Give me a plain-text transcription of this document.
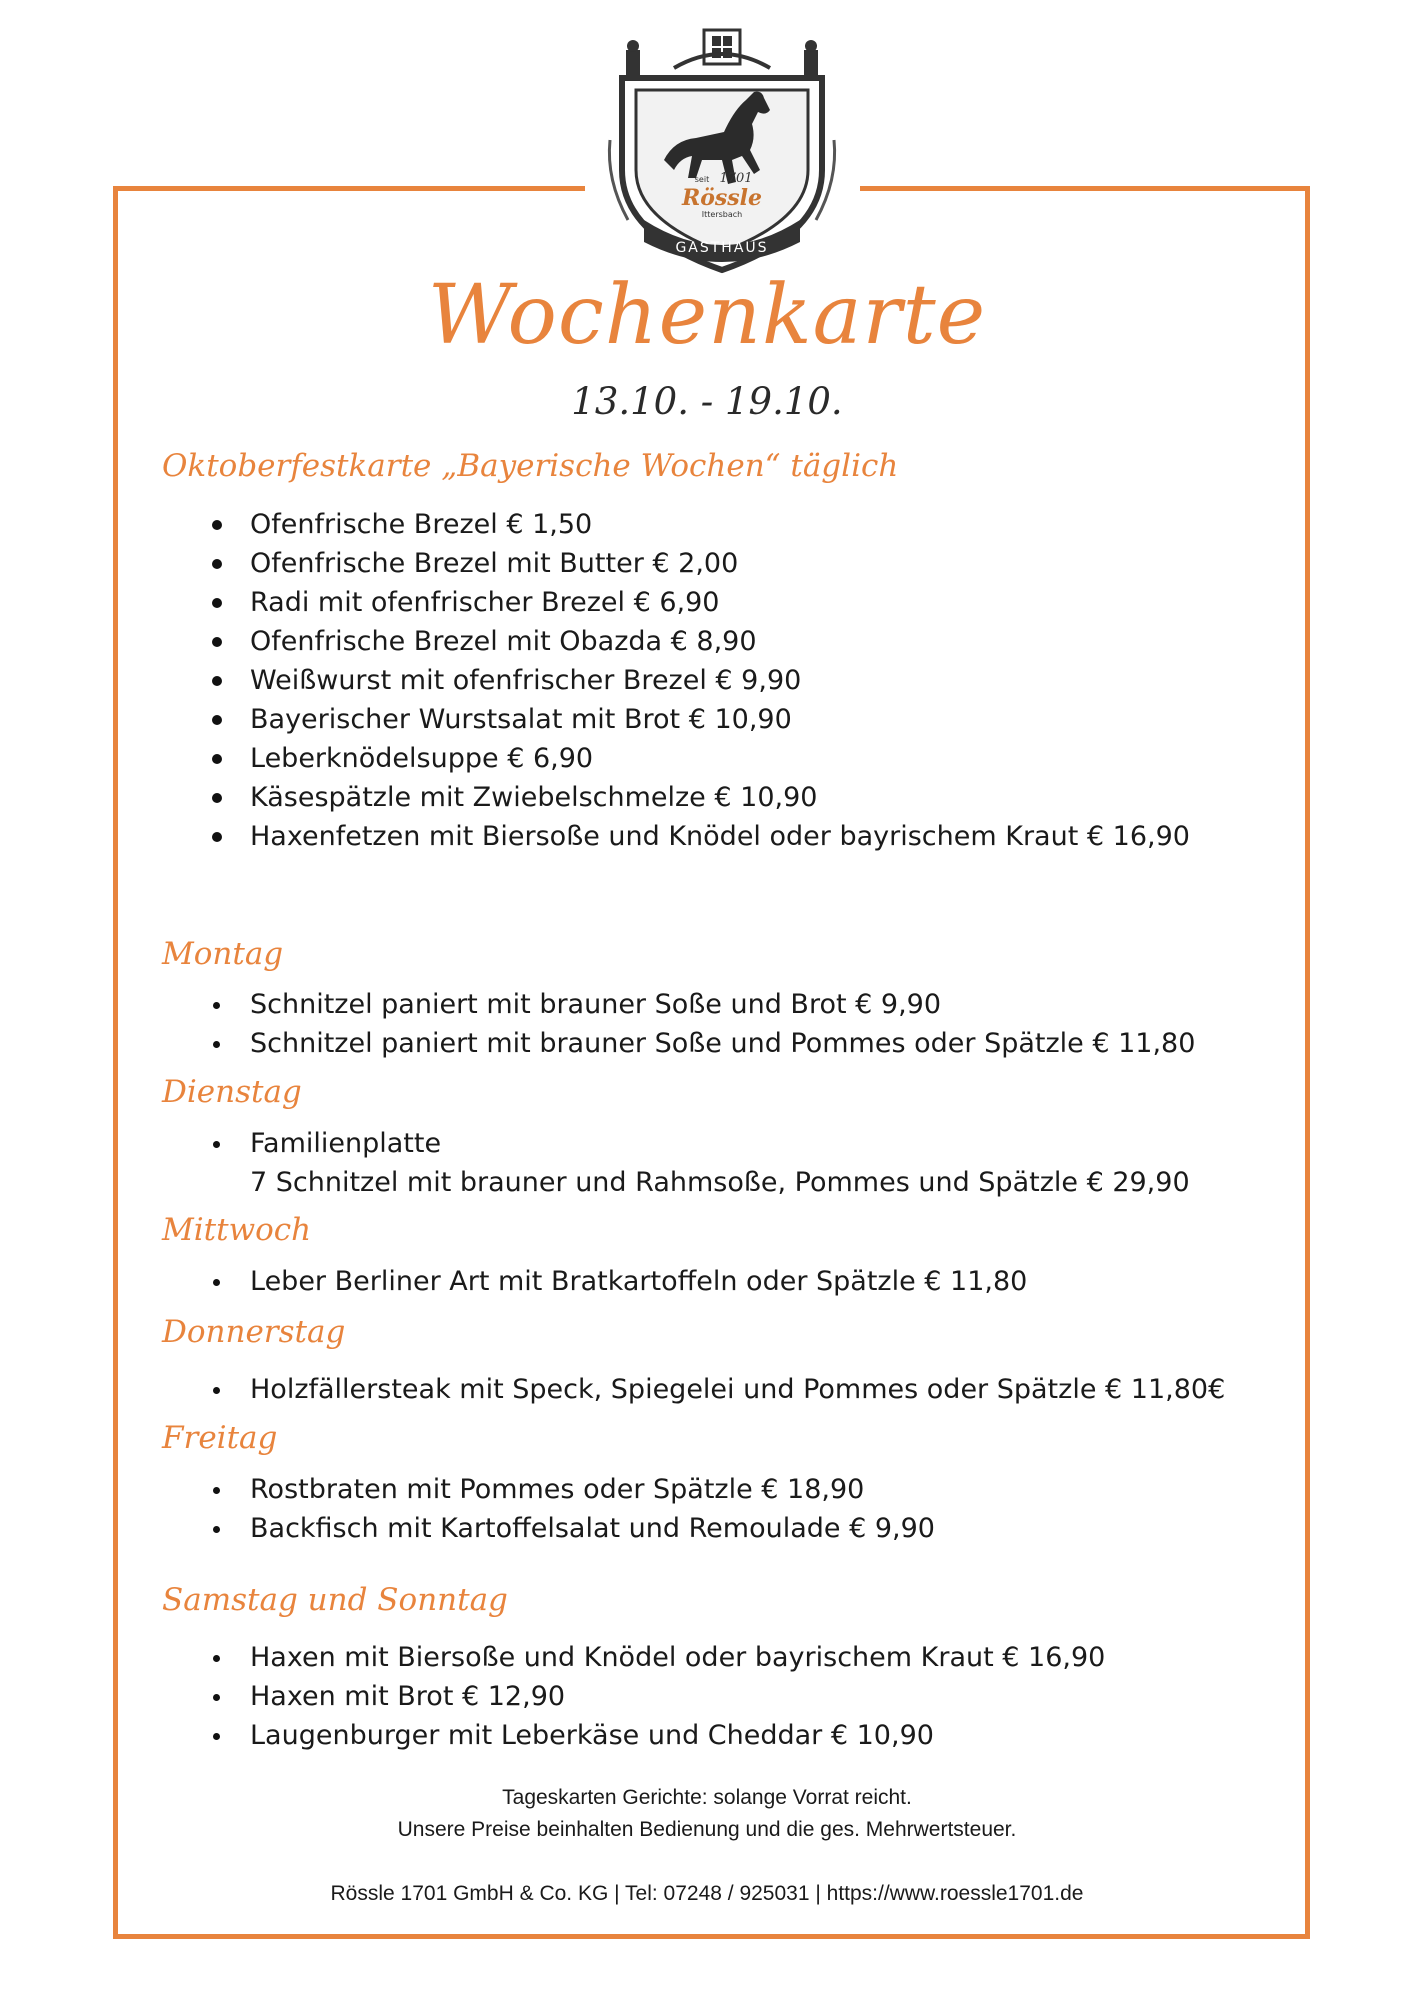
GASTHAUS
1701
seit
Rössle
Ittersbach
Wochenkarte
13.10. - 19.10.
Oktoberfestkarte „Bayerische Wochen“ täglich
Ofenfrische Brezel € 1,50
Ofenfrische Brezel mit Butter € 2,00
Radi mit ofenfrischer Brezel € 6,90
Ofenfrische Brezel mit Obazda € 8,90
Weißwurst mit ofenfrischer Brezel € 9,90
Bayerischer Wurstsalat mit Brot € 10,90
Leberknödelsuppe € 6,90
Käsespätzle mit Zwiebelschmelze € 10,90
Haxenfetzen mit Biersoße und Knödel oder bayrischem Kraut € 16,90
Montag
Schnitzel paniert mit brauner Soße und Brot € 9,90
Schnitzel paniert mit brauner Soße und Pommes oder Spätzle € 11,80
Dienstag
Familienplatte
7 Schnitzel mit brauner und Rahmsoße, Pommes und Spätzle € 29,90
Mittwoch
Leber Berliner Art mit Bratkartoffeln oder Spätzle € 11,80
Donnerstag
Holzfällersteak mit Speck, Spiegelei und Pommes oder Spätzle € 11,80€
Freitag
Rostbraten mit Pommes oder Spätzle € 18,90
Backfisch mit Kartoffelsalat und Remoulade € 9,90
Samstag und Sonntag
Haxen mit Biersoße und Knödel oder bayrischem Kraut € 16,90
Haxen mit Brot € 12,90
Laugenburger mit Leberkäse und Cheddar € 10,90
Tageskarten Gerichte: solange Vorrat reicht.
Unsere Preise beinhalten Bedienung und die ges. Mehrwertsteuer.
Rössle 1701 GmbH & Co. KG | Tel: 07248 / 925031 | https://www.roessle1701.de
